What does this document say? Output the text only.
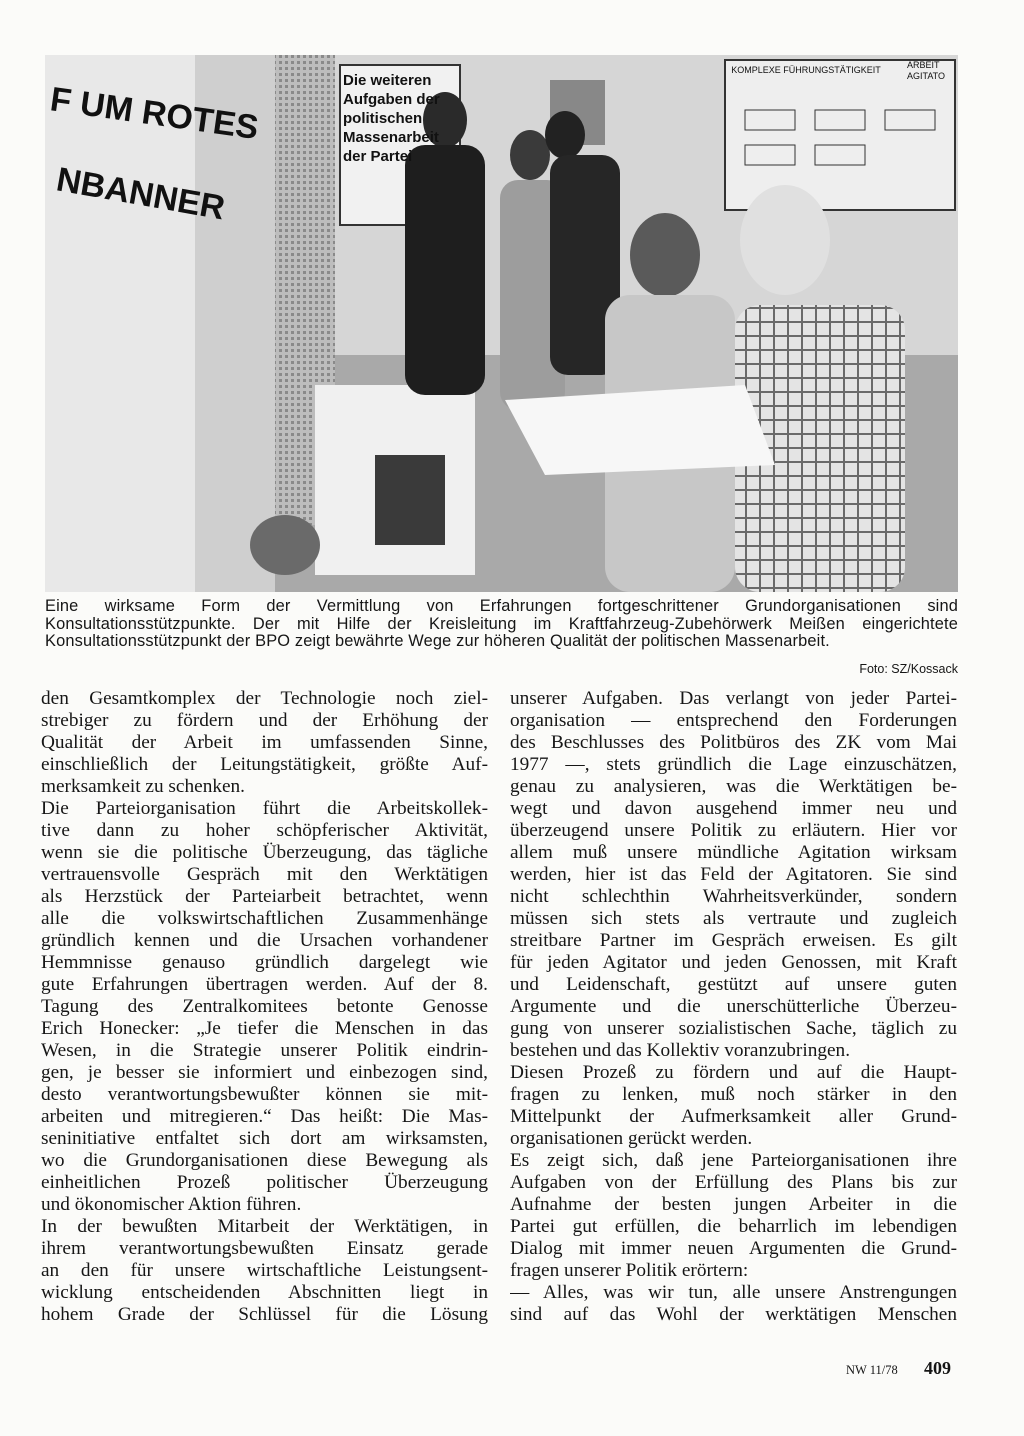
F UM ROTES
NBANNER
Die weiteren Aufgaben der politischen Massenarbeit der Partei
KOMPLEXE FÜHRUNGSTÄTIGKEIT	ARBEIT AGITATO

Eine wirksame Form der Vermittlung von Erfahrungen fortgeschrittener Grundorganisationen sind Konsultationsstützpunkte. Der mit Hilfe der Kreisleitung im Kraftfahrzeug-Zubehörwerk Meißen eingerichtete Konsultationsstützpunkt der BPO zeigt bewährte Wege zur höheren Qualität der politischen Massenarbeit.

Foto: SZ/Kossack
den Gesamtkomplex der Technologie noch ziel-
strebiger zu fördern und der Erhöhung der
Qualität der Arbeit im umfassenden Sinne,
einschließlich der Leitungstätigkeit, größte Auf-
merksamkeit zu schenken.
Die Parteiorganisation führt die Arbeitskollek-
tive dann zu hoher schöpferischer Aktivität,
wenn sie die politische Überzeugung, das tägliche
vertrauensvolle Gespräch mit den Werktätigen
als Herzstück der Parteiarbeit betrachtet, wenn
alle die volkswirtschaftlichen Zusammenhänge
gründlich kennen und die Ursachen vorhandener
Hemmnisse genauso gründlich dargelegt wie
gute Erfahrungen übertragen werden. Auf der 8.
Tagung des Zentralkomitees betonte Genosse
Erich Honecker: „Je tiefer die Menschen in das
Wesen, in die Strategie unserer Politik eindrin-
gen, je besser sie informiert und einbezogen sind,
desto verantwortungsbewußter können sie mit-
arbeiten und mitregieren.“ Das heißt: Die Mas-
seninitiative entfaltet sich dort am wirksamsten,
wo die Grundorganisationen diese Bewegung als
einheitlichen Prozeß politischer Überzeugung
und ökonomischer Aktion führen.
In der bewußten Mitarbeit der Werktätigen, in
ihrem verantwortungsbewußten Einsatz gerade
an den für unsere wirtschaftliche Leistungsent-
wicklung entscheidenden Abschnitten liegt in
hohem Grade der Schlüssel für die Lösung
unserer Aufgaben. Das verlangt von jeder Partei-
organisation — entsprechend den Forderungen
des Beschlusses des Politbüros des ZK vom Mai
1977 —, stets gründlich die Lage einzuschätzen,
genau zu analysieren, was die Werktätigen be-
wegt und davon ausgehend immer neu und
überzeugend unsere Politik zu erläutern. Hier vor
allem muß unsere mündliche Agitation wirksam
werden, hier ist das Feld der Agitatoren. Sie sind
nicht schlechthin Wahrheitsverkünder, sondern
müssen sich stets als vertraute und zugleich
streitbare Partner im Gespräch erweisen. Es gilt
für jeden Agitator und jeden Genossen, mit Kraft
und Leidenschaft, gestützt auf unsere guten
Argumente und die unerschütterliche Überzeu-
gung von unserer sozialistischen Sache, täglich zu
bestehen und das Kollektiv voranzubringen.
Diesen Prozeß zu fördern und auf die Haupt-
fragen zu lenken, muß noch stärker in den
Mittelpunkt der Aufmerksamkeit aller Grund-
organisationen gerückt werden.
Es zeigt sich, daß jene Parteiorganisationen ihre
Aufgaben von der Erfüllung des Plans bis zur
Aufnahme der besten jungen Arbeiter in die
Partei gut erfüllen, die beharrlich im lebendigen
Dialog mit immer neuen Argumenten die Grund-
fragen unserer Politik erörtern:
— Alles, was wir tun, alle unsere Anstrengungen
sind auf das Wohl der werktätigen Menschen
NW 11/78 409
